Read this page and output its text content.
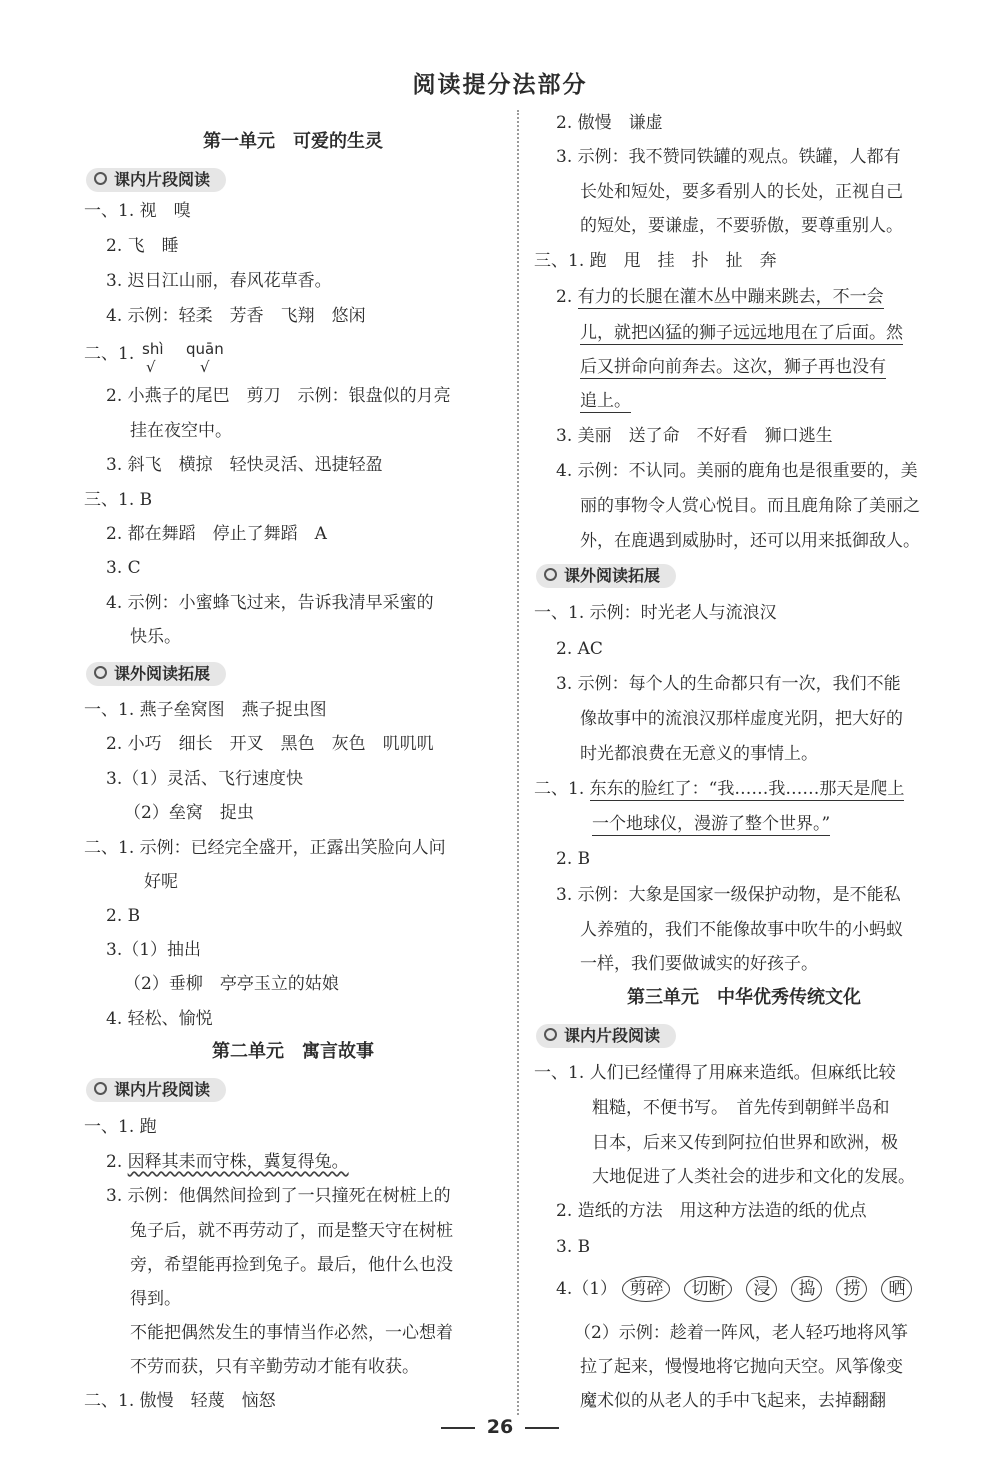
阅读提分法部分
第一单元　可爱的生灵
课内片段阅读
一、1. 视　嗅
2. 飞　睡
3. 迟日江山丽，春风花草香。
4. 示例：轻柔　芳香　飞翔　悠闲
二、1. shì
√
quān
√
2. 小燕子的尾巴　剪刀　示例：银盘似的月亮
挂在夜空中。
3. 斜飞　横掠　轻快灵活、迅捷轻盈
三、1. B
2. 都在舞蹈　停止了舞蹈　A
3. C
4. 示例：小蜜蜂飞过来，告诉我清早采蜜的
快乐。
课外阅读拓展
一、1. 燕子垒窝图　燕子捉虫图
2. 小巧　细长　开叉　黑色　灰色　叽叽叽
3.（1）灵活、飞行速度快
（2）垒窝　捉虫
二、1. 示例：已经完全盛开，正露出笑脸向人问
好呢
2. B
3.（1）抽出
（2）垂柳　亭亭玉立的姑娘
4. 轻松、愉悦
第二单元　寓言故事
课内片段阅读
一、1. 跑
2. 因释其耒而守株，冀复得兔。
3. 示例：他偶然间捡到了一只撞死在树桩上的
兔子后，就不再劳动了，而是整天守在树桩
旁，希望能再捡到兔子。最后，他什么也没
得到。
不能把偶然发生的事情当作必然，一心想着
不劳而获，只有辛勤劳动才能有收获。
二、1. 傲慢　轻蔑　恼怒
2. 傲慢　谦虚
3. 示例：我不赞同铁罐的观点。铁罐，人都有
长处和短处，要多看别人的长处，正视自己
的短处，要谦虚，不要骄傲，要尊重别人。
三、1. 跑　甩　挂　扑　扯　奔
2. 有力的长腿在灌木丛中蹦来跳去，不一会
儿，就把凶猛的狮子远远地甩在了后面。然
后又拼命向前奔去。这次，狮子再也没有
追上。
3. 美丽　送了命　不好看　狮口逃生
4. 示例：不认同。美丽的鹿角也是很重要的，美
丽的事物令人赏心悦目。而且鹿角除了美丽之
外，在鹿遇到威胁时，还可以用来抵御敌人。
课外阅读拓展
一、1. 示例：时光老人与流浪汉
2. AC
3. 示例：每个人的生命都只有一次，我们不能
像故事中的流浪汉那样虚度光阴，把大好的
时光都浪费在无意义的事情上。
二、1. 东东的脸红了：“我……我……那天是爬上
一个地球仪，漫游了整个世界。”
2. B
3. 示例：大象是国家一级保护动物，是不能私
人养殖的，我们不能像故事中吹牛的小蚂蚁
一样，我们要做诚实的好孩子。
第三单元　中华优秀传统文化
课内片段阅读
一、1. 人们已经懂得了用麻来造纸。但麻纸比较
粗糙，不便书写。　首先传到朝鲜半岛和
日本，后来又传到阿拉伯世界和欧洲，极
大地促进了人类社会的进步和文化的发展。
2. 造纸的方法　用这种方法造的纸的优点
3. B
4.（1） 剪碎 切断 浸 捣 捞 晒
（2）示例：趁着一阵风，老人轻巧地将风筝
拉了起来，慢慢地将它抛向天空。风筝像变
魔术似的从老人的手中飞起来，去掉翻翻
26
